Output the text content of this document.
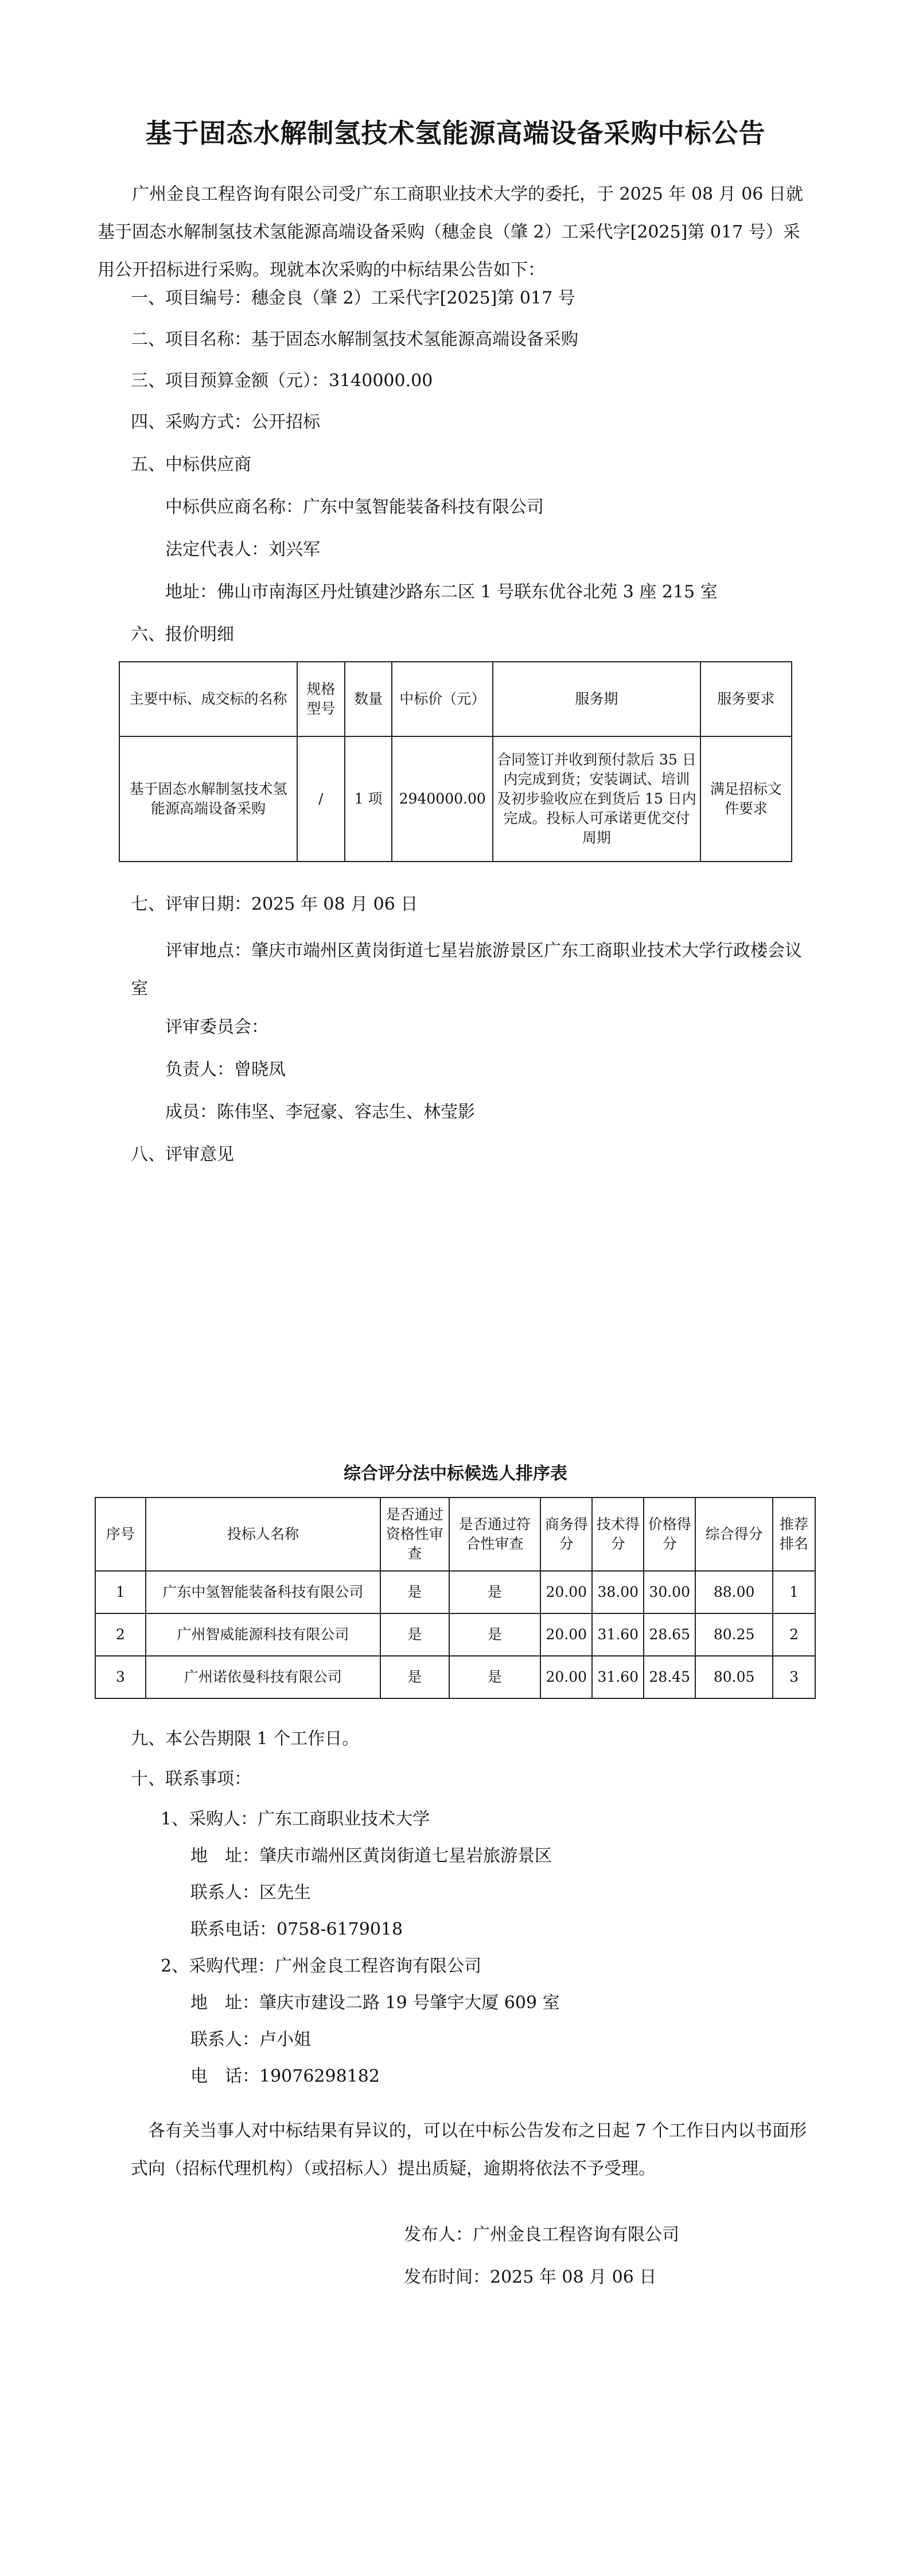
基于固态水解制氢技术氢能源高端设备采购中标公告
广州金良工程咨询有限公司受广东工商职业技术大学的委托，于 2025 年 08 月 06 日就基于固态水解制氢技术氢能源高端设备采购（穗金良（肇 2）工采代字[2025]第 017 号）采用公开招标进行采购。现就本次采购的中标结果公告如下：
一、项目编号：穗金良（肇 2）工采代字[2025]第 017 号
二、项目名称：基于固态水解制氢技术氢能源高端设备采购
三、项目预算金额（元）：3140000.00
四、采购方式：公开招标
五、中标供应商
中标供应商名称：广东中氢智能装备科技有限公司
法定代表人：刘兴军
地址：佛山市南海区丹灶镇建沙路东二区 1 号联东优谷北苑 3 座 215 室
六、报价明细
主要中标、成交标的名称	规格型号	数量	中标价（元）	服务期	服务要求
基于固态水解制氢技术氢能源高端设备采购	/	1 项	2940000.00	合同签订并收到预付款后 35 日内完成到货；安装调试、培训及初步验收应在到货后 15 日内完成。投标人可承诺更优交付周期	满足招标文件要求
七、评审日期：2025 年 08 月 06 日
评审地点：肇庆市端州区黄岗街道七星岩旅游景区广东工商职业技术大学行政楼会议室
评审委员会：
负责人：曾晓凤
成员：陈伟坚、李冠豪、容志生、林莹影
八、评审意见
综合评分法中标候选人排序表
序号	投标人名称	是否通过资格性审查	是否通过符合性审查	商务得分	技术得分	价格得分	综合得分	推荐排名
1	广东中氢智能装备科技有限公司	是	是	20.00	38.00	30.00	88.00	1
2	广州智威能源科技有限公司	是	是	20.00	31.60	28.65	80.25	2
3	广州诺依曼科技有限公司	是	是	20.00	31.60	28.45	80.05	3
九、本公告期限 1 个工作日。
十、联系事项：
1、采购人：广东工商职业技术大学
地　址：肇庆市端州区黄岗街道七星岩旅游景区
联系人：区先生
联系电话：0758-6179018
2、采购代理：广州金良工程咨询有限公司
地　址：肇庆市建设二路 19 号肇宇大厦 609 室
联系人：卢小姐
电　话：19076298182
各有关当事人对中标结果有异议的，可以在中标公告发布之日起 7 个工作日内以书面形式向（招标代理机构）（或招标人）提出质疑，逾期将依法不予受理。
发布人：广州金良工程咨询有限公司
发布时间：2025 年 08 月 06 日
